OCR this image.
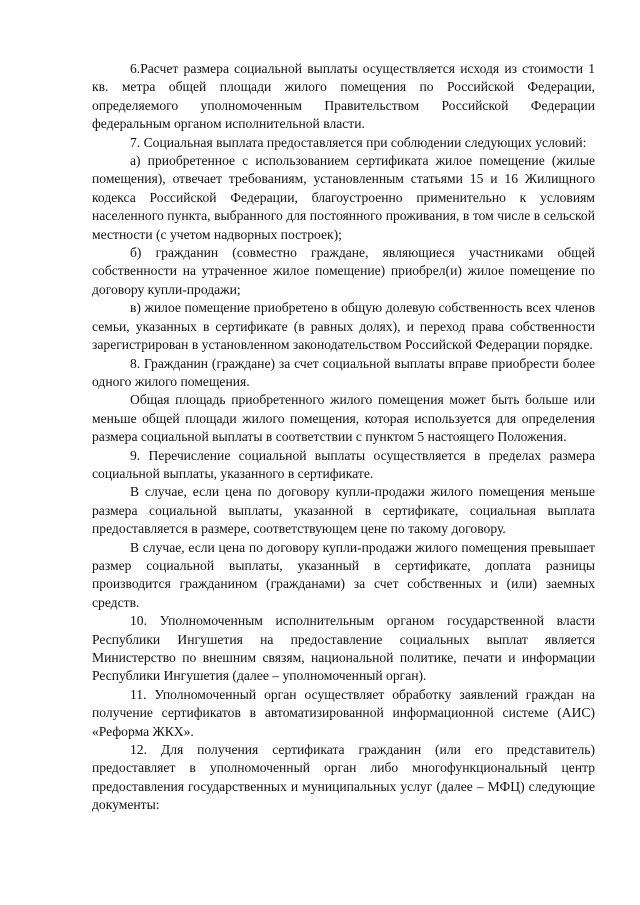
6.Расчет размера социальной выплаты осуществляется исходя из стоимости 1 кв. метра общей площади жилого помещения по Российской Федерации, определяемого уполномоченным Правительством Российской Федерации федеральным органом исполнительной власти.

7. Социальная выплата предоставляется при соблюдении следующих условий:

а) приобретенное с использованием сертификата жилое помещение (жилые помещения), отвечает требованиям, установленным статьями 15 и 16 Жилищного кодекса Российской Федерации, благоустроенно применительно к условиям населенного пункта, выбранного для постоянного проживания, в том числе в сельской местности (с учетом надворных построек);

б) гражданин (совместно граждане, являющиеся участниками общей собственности на утраченное жилое помещение) приобрел(и) жилое помещение по договору купли-продажи;

в) жилое помещение приобретено в общую долевую собственность всех членов семьи, указанных в сертификате (в равных долях), и переход права собственности зарегистрирован в установленном законодательством Российской Федерации порядке.

8. Гражданин (граждане) за счет социальной выплаты вправе приобрести более одного жилого помещения.

Общая площадь приобретенного жилого помещения может быть больше или меньше общей площади жилого помещения, которая используется для определения размера социальной выплаты в соответствии с пунктом 5 настоящего Положения.

9. Перечисление социальной выплаты осуществляется в пределах размера социальной выплаты, указанного в сертификате.

В случае, если цена по договору купли-продажи жилого помещения меньше размера социальной выплаты, указанной в сертификате, социальная выплата предоставляется в размере, соответствующем цене по такому договору.

В случае, если цена по договору купли-продажи жилого помещения превышает размер социальной выплаты, указанный в сертификате, доплата разницы производится гражданином (гражданами) за счет собственных и (или) заемных средств.

10. Уполномоченным исполнительным органом государственной власти Республики Ингушетия на предоставление социальных выплат является Министерство по внешним связям, национальной политике, печати и информации Республики Ингушетия (далее – уполномоченный орган).

11. Уполномоченный орган осуществляет обработку заявлений граждан на получение сертификатов в автоматизированной информационной системе (АИС) «Реформа ЖКХ».

12. Для получения сертификата гражданин (или его представитель) предоставляет в уполномоченный орган либо многофункциональный центр предоставления государственных и муниципальных услуг (далее – МФЦ) следующие документы:
